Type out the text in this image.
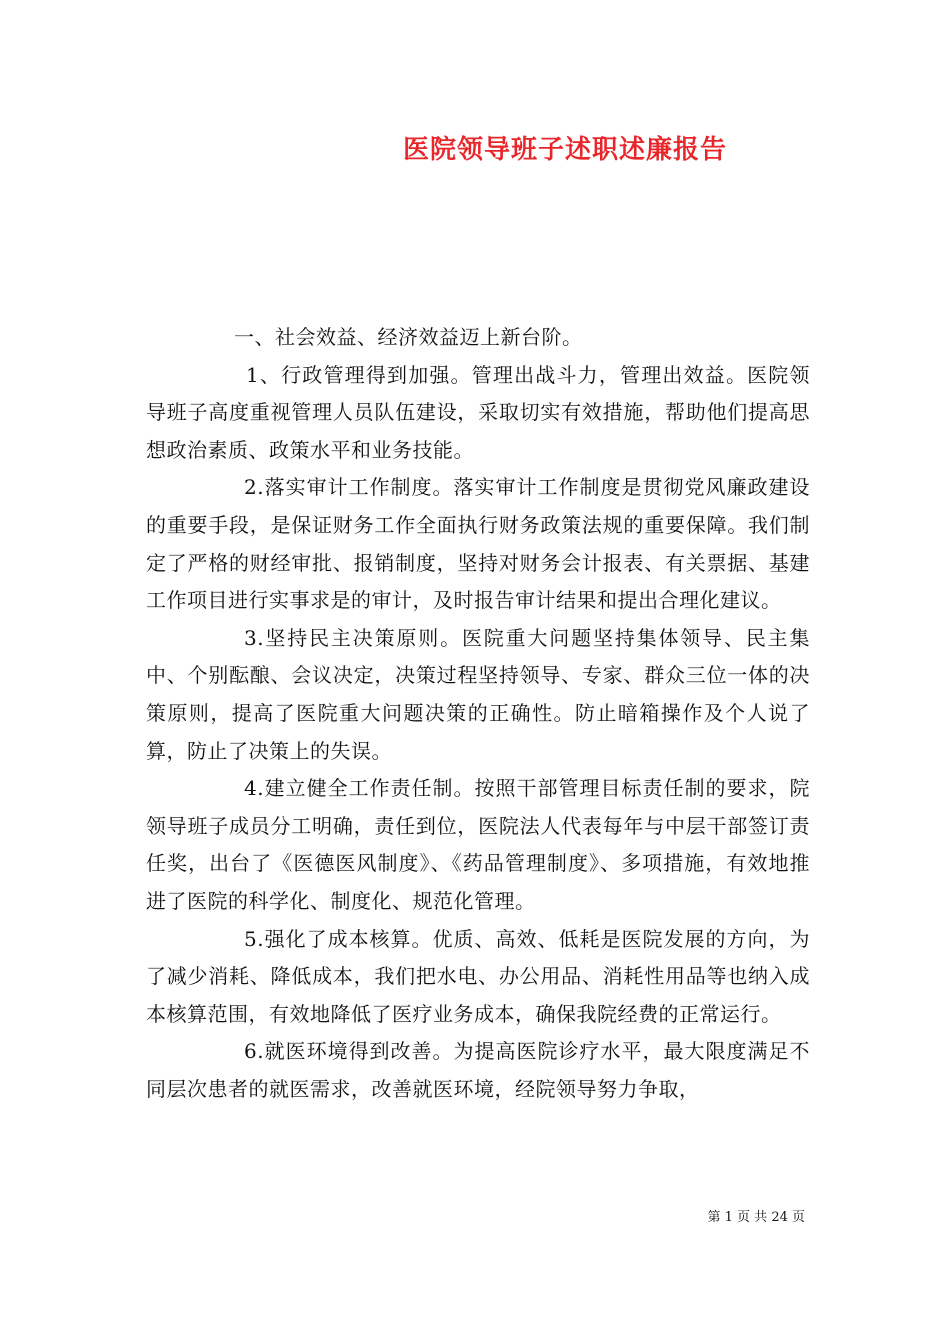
医院领导班子述职述廉报告

一、社会效益、经济效益迈上新台阶。

1、行政管理得到加强。管理出战斗力，管理出效益。医院领导班子高度重视管理人员队伍建设，采取切实有效措施，帮助他们提高思想政治素质、政策水平和业务技能。

2.落实审计工作制度。落实审计工作制度是贯彻党风廉政建设的重要手段，是保证财务工作全面执行财务政策法规的重要保障。我们制定了严格的财经审批、报销制度，坚持对财务会计报表、有关票据、基建工作项目进行实事求是的审计，及时报告审计结果和提出合理化建议。

3.坚持民主决策原则。医院重大问题坚持集体领导、民主集中、个别酝酿、会议决定，决策过程坚持领导、专家、群众三位一体的决策原则，提高了医院重大问题决策的正确性。防止暗箱操作及个人说了算，防止了决策上的失误。

4.建立健全工作责任制。按照干部管理目标责任制的要求，院领导班子成员分工明确，责任到位，医院法人代表每年与中层干部签订责任奖，出台了《医德医风制度》、《药品管理制度》、多项措施，有效地推进了医院的科学化、制度化、规范化管理。

5.强化了成本核算。优质、高效、低耗是医院发展的方向，为了减少消耗、降低成本，我们把水电、办公用品、消耗性用品等也纳入成本核算范围，有效地降低了医疗业务成本，确保我院经费的正常运行。

6.就医环境得到改善。为提高医院诊疗水平，最大限度满足不同层次患者的就医需求，改善就医环境，经院领导努力争取，

第 1 页 共 24 页
